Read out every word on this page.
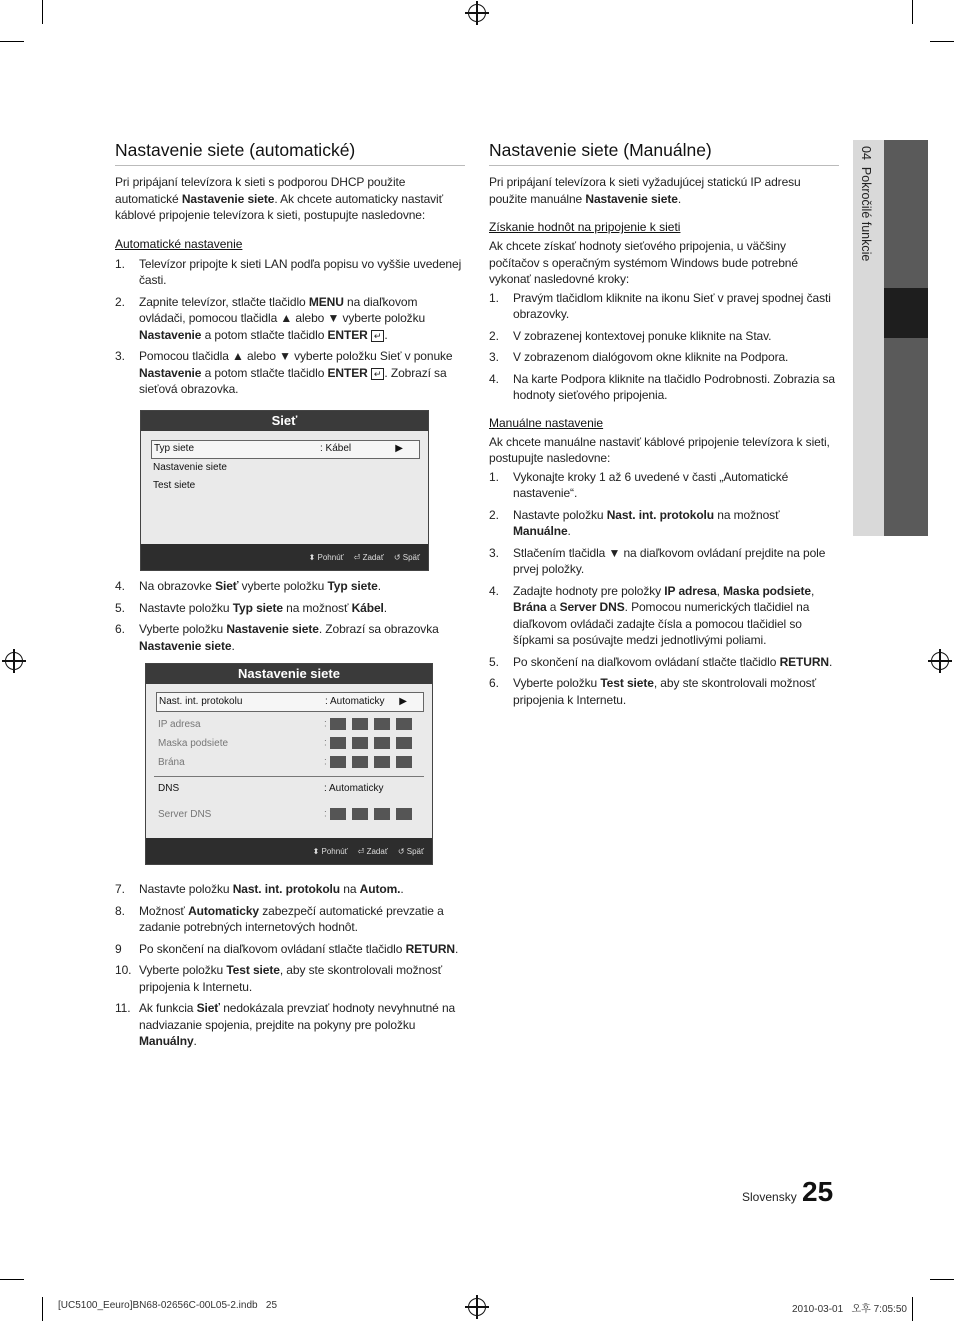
04  Pokročilé funkcie
Nastavenie siete (automatické)
Pri pripájaní televízora k sieti s podporou DHCP použite automatické Nastavenie siete. Ak chcete automaticky nastaviť káblové pripojenie televízora k sieti, postupujte nasledovne:
Automatické nastavenie
1.	Televízor pripojte k sieti LAN podľa popisu vo vyššie uvedenej časti.
2.	Zapnite televízor, stlačte tlačidlo MENU na diaľkovom ovládači, pomocou tlačidla ▲ alebo ▼ vyberte položku Nastavenie a potom stlačte tlačidlo ENTER ↵ .
3.	Pomocou tlačidla ▲ alebo ▼ vyberte položku Sieť v ponuke Nastavenie a potom stlačte tlačidlo ENTER ↵ . Zobrazí sa sieťová obrazovka.
Sieť
Typ siete	: Kábel	▶
Nastavenie siete
Test siete
⬍ Pohnúť ⏎ Zadať ↺ Späť
4.	Na obrazovke Sieť vyberte položku Typ siete.
5.	Nastavte položku Typ siete na možnosť Kábel.
6.	Vyberte položku Nastavenie siete. Zobrazí sa obrazovka Nastavenie siete.
Nastavenie siete
Nast. int. protokolu	: Automaticky ▶
IP adresa	:
Maska podsiete	:
Brána	:
DNS	: Automaticky
Server DNS	:
⬍ Pohnúť ⏎ Zadať ↺ Späť
7.	Nastavte položku Nast. int. protokolu na Autom..
8.	Možnosť Automaticky zabezpečí automatické prevzatie a zadanie potrebných internetových hodnôt.
9	Po skončení na diaľkovom ovládaní stlačte tlačidlo RETURN.
10. Vyberte položku Test siete, aby ste skontrolovali možnosť pripojenia k Internetu.
11. Ak funkcia Sieť nedokázala prevziať hodnoty nevyhnutné na nadviazanie spojenia, prejdite na pokyny pre položku Manuálny.
Nastavenie siete (Manuálne)
Pri pripájaní televízora k sieti vyžadujúcej statickú IP adresu použite manuálne Nastavenie siete.
Získanie hodnôt na pripojenie k sieti
Ak chcete získať hodnoty sieťového pripojenia, u väčšiny počítačov s operačným systémom Windows bude potrebné vykonať nasledovné kroky:
1.	Pravým tlačidlom kliknite na ikonu Sieť v pravej spodnej časti obrazovky.
2.	V zobrazenej kontextovej ponuke kliknite na Stav.
3.	V zobrazenom dialógovom okne kliknite na Podpora.
4.	Na karte Podpora kliknite na tlačidlo Podrobnosti. Zobrazia sa hodnoty sieťového pripojenia.
Manuálne nastavenie
Ak chcete manuálne nastaviť káblové pripojenie televízora k sieti, postupujte nasledovne:
1.	Vykonajte kroky 1 až 6 uvedené v časti „Automatické nastavenie“.
2.	Nastavte položku Nast. int. protokolu na možnosť Manuálne.
3.	Stlačením tlačidla ▼ na diaľkovom ovládaní prejdite na pole prvej položky.
4.	Zadajte hodnoty pre položky IP adresa, Maska podsiete, Brána a Server DNS. Pomocou numerických tlačidiel na diaľkovom ovládači zadajte čísla a pomocou tlačidiel so šípkami sa posúvajte medzi jednotlivými poliami.
5.	Po skončení na diaľkovom ovládaní stlačte tlačidlo RETURN.
6.	Vyberte položku Test siete, aby ste skontrolovali možnosť pripojenia k Internetu.
Slovensky 25
[UC5100_Eeuro]BN68-02656C-00L05-2.indb   25	2010-03-01 오후 7:05:50
